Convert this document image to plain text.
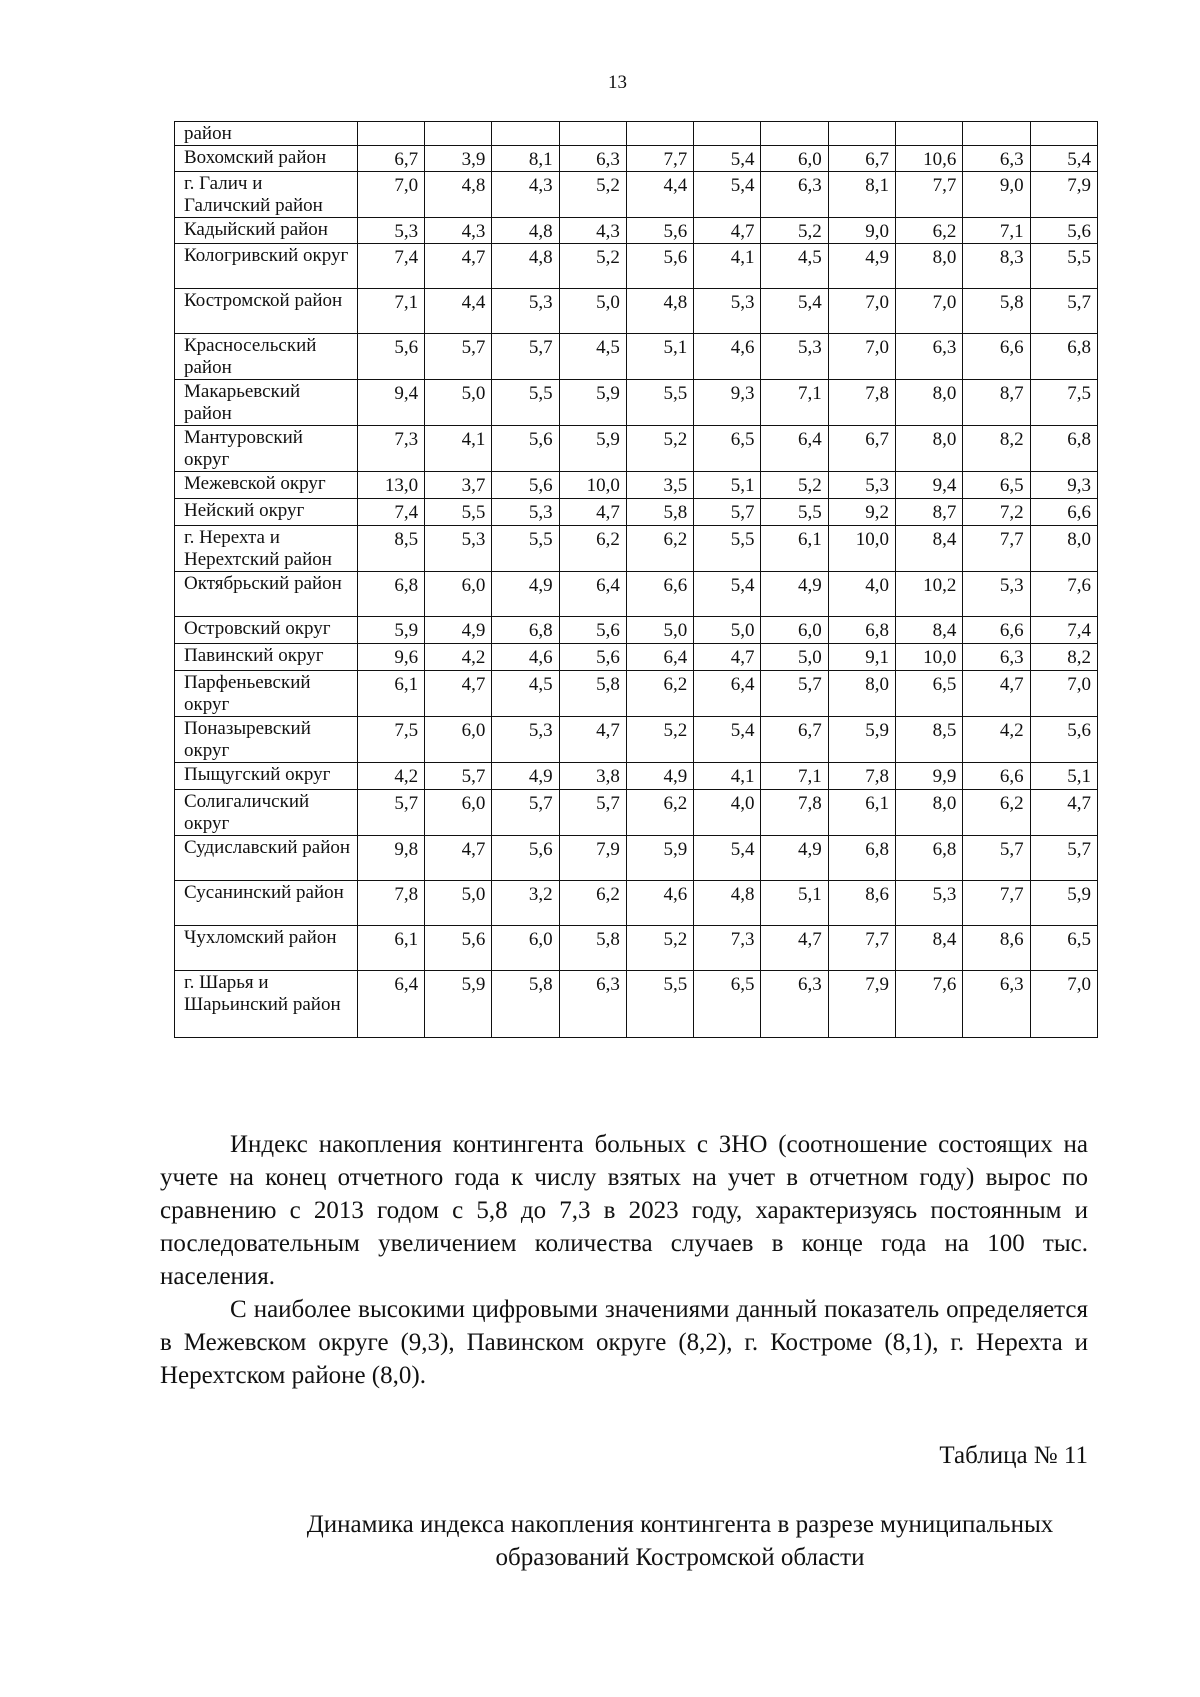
13
район											
Вохомский район	6,7	3,9	8,1	6,3	7,7	5,4	6,0	6,7	10,6	6,3	5,4
г. Галич и Галичский район	7,0	4,8	4,3	5,2	4,4	5,4	6,3	8,1	7,7	9,0	7,9
Кадыйский район	5,3	4,3	4,8	4,3	5,6	4,7	5,2	9,0	6,2	7,1	5,6
Кологривский округ	7,4	4,7	4,8	5,2	5,6	4,1	4,5	4,9	8,0	8,3	5,5
Костромской район	7,1	4,4	5,3	5,0	4,8	5,3	5,4	7,0	7,0	5,8	5,7
Красносельский район	5,6	5,7	5,7	4,5	5,1	4,6	5,3	7,0	6,3	6,6	6,8
Макарьевский район	9,4	5,0	5,5	5,9	5,5	9,3	7,1	7,8	8,0	8,7	7,5
Мантуровский округ	7,3	4,1	5,6	5,9	5,2	6,5	6,4	6,7	8,0	8,2	6,8
Межевской округ	13,0	3,7	5,6	10,0	3,5	5,1	5,2	5,3	9,4	6,5	9,3
Нейский округ	7,4	5,5	5,3	4,7	5,8	5,7	5,5	9,2	8,7	7,2	6,6
г. Нерехта и Нерехтский район	8,5	5,3	5,5	6,2	6,2	5,5	6,1	10,0	8,4	7,7	8,0
Октябрьский район	6,8	6,0	4,9	6,4	6,6	5,4	4,9	4,0	10,2	5,3	7,6
Островский округ	5,9	4,9	6,8	5,6	5,0	5,0	6,0	6,8	8,4	6,6	7,4
Павинский округ	9,6	4,2	4,6	5,6	6,4	4,7	5,0	9,1	10,0	6,3	8,2
Парфеньевский округ	6,1	4,7	4,5	5,8	6,2	6,4	5,7	8,0	6,5	4,7	7,0
Поназыревский округ	7,5	6,0	5,3	4,7	5,2	5,4	6,7	5,9	8,5	4,2	5,6
Пыщугский округ	4,2	5,7	4,9	3,8	4,9	4,1	7,1	7,8	9,9	6,6	5,1
Солигаличский округ	5,7	6,0	5,7	5,7	6,2	4,0	7,8	6,1	8,0	6,2	4,7
Судиславский район	9,8	4,7	5,6	7,9	5,9	5,4	4,9	6,8	6,8	5,7	5,7
Сусанинский район	7,8	5,0	3,2	6,2	4,6	4,8	5,1	8,6	5,3	7,7	5,9
Чухломский район	6,1	5,6	6,0	5,8	5,2	7,3	4,7	7,7	8,4	8,6	6,5
г. Шарья и Шарьинский район	6,4	5,9	5,8	6,3	5,5	6,5	6,3	7,9	7,6	6,3	7,0

Индекс накопления контингента больных с ЗНО (соотношение состоящих на учете на конец отчетного года к числу взятых на учет в отчетном году) вырос по сравнению с 2013 годом с 5,8 до 7,3 в 2023 году, характеризуясь постоянным и последовательным увеличением количества случаев в конце года на 100 тыс. населения.

С наиболее высокими цифровыми значениями данный показатель определяется в Межевском округе (9,3), Павинском округе (8,2), г. Костроме (8,1), г. Нерехта и Нерехтском районе (8,0).

Таблица № 11

Динамика индекса накопления контингента в разрезе муниципальных
образований Костромской области
